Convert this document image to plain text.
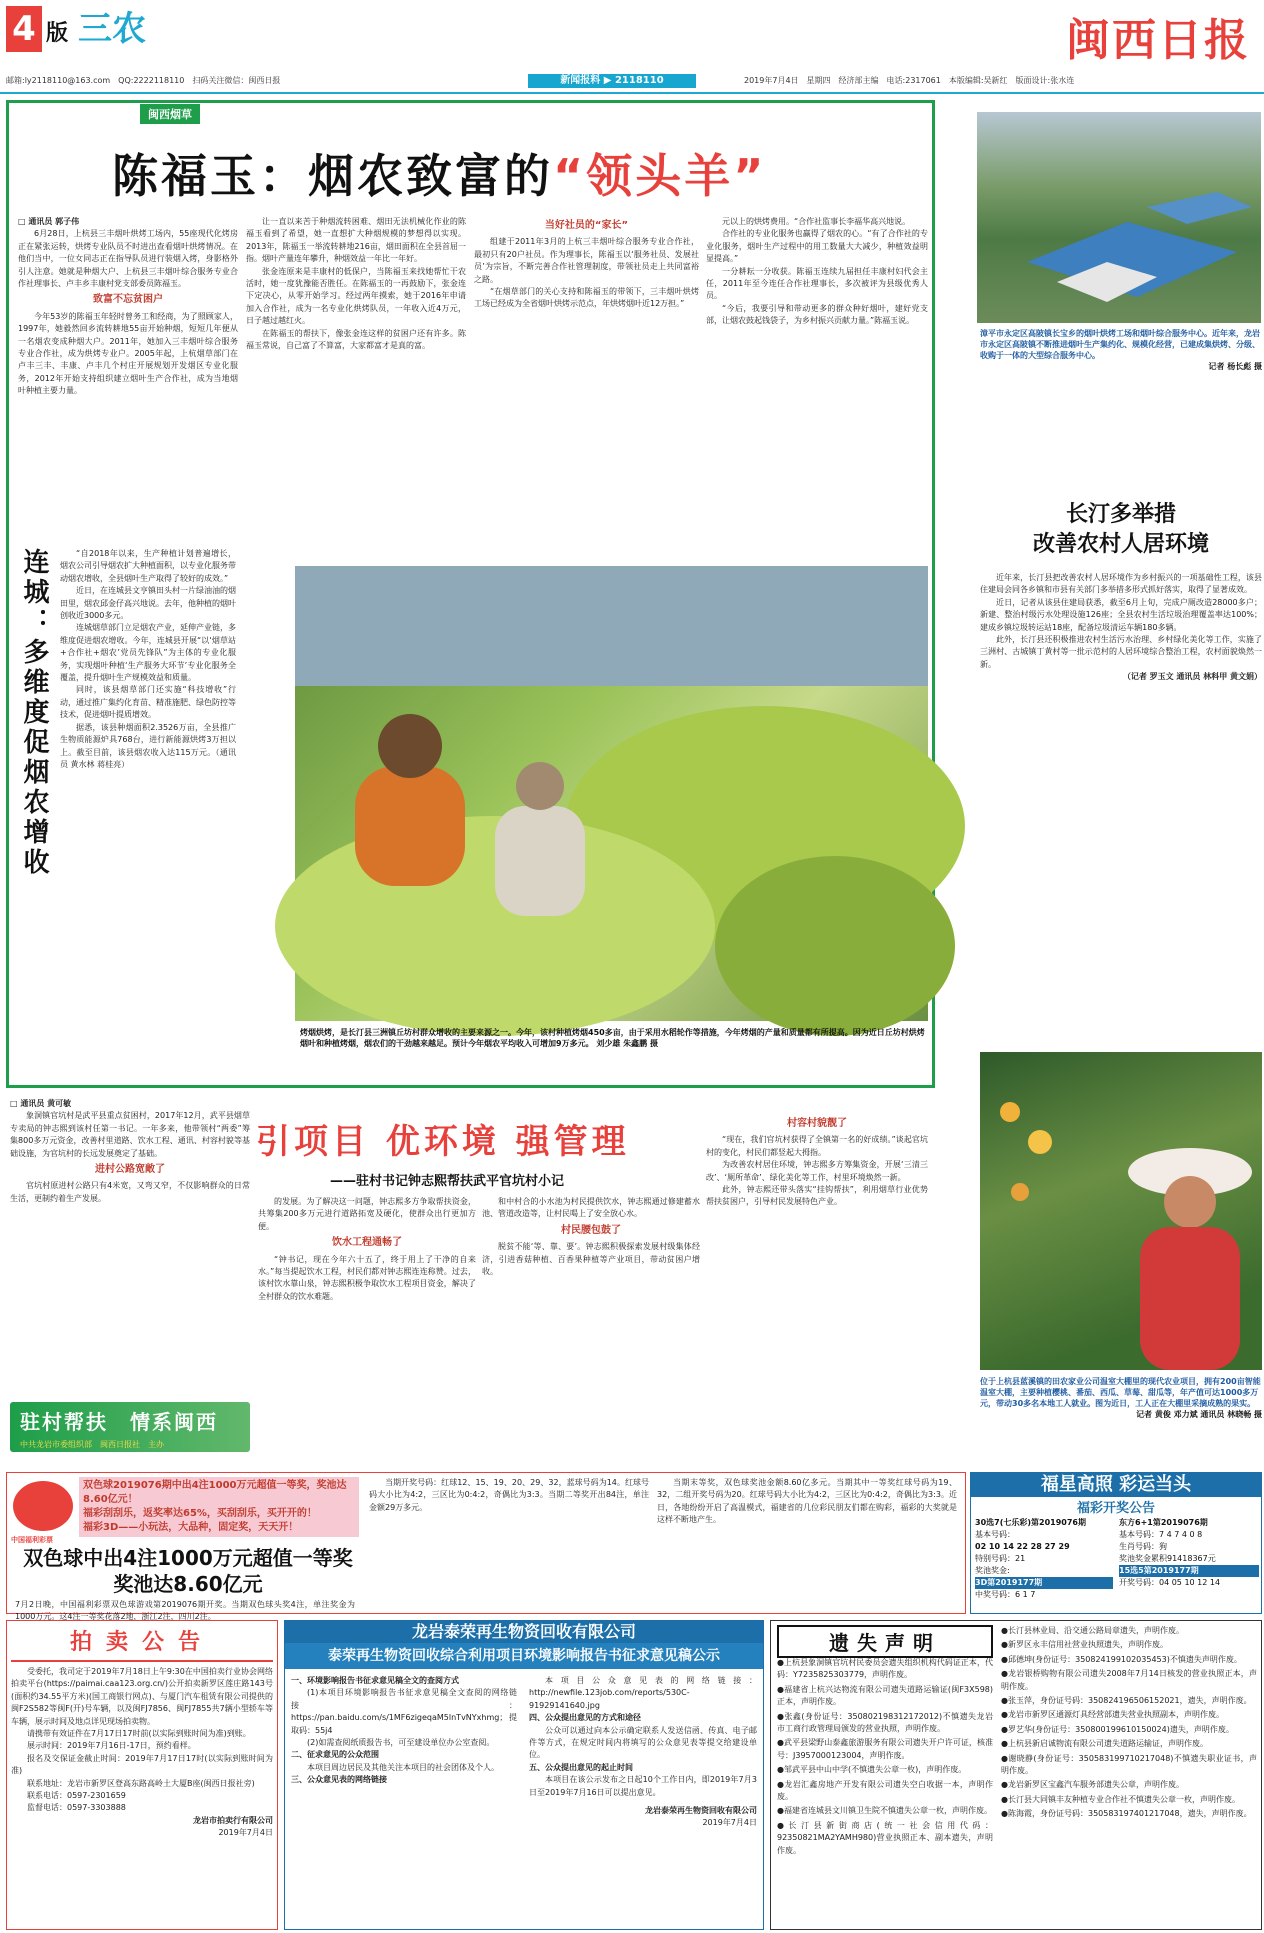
4 版 三农	闽西日报
邮箱:ly2118110@163.com　QQ:2222118110　扫码关注微信：闽西日报	2019年7月4日　星期四　经济部主编　电话:2317061　本版编辑:吴新红　版面设计:张水连
新闻报料 ▶ 2118110
闽西烟草
陈福玉：烟农致富的“领头羊”
□ 通讯员 郭子伟

6月28日，上杭县三丰烟叶烘烤工场内，55座现代化烤房正在紧张运转，烘烤专业队员不时进出查看烟叶烘烤情况。在他们当中，一位女同志正在指导队员进行装烟入烤，身影格外引人注意。她就是种烟大户、上杭县三丰烟叶综合服务专业合作社理事长、卢丰乡丰康村党支部委员陈福玉。

致富不忘贫困户

今年53岁的陈福玉年轻时曾务工和经商，为了照顾家人，1997年，她毅然回乡流转耕地55亩开始种烟，短短几年便从一名烟农变成种烟大户。2011年，她加入三丰烟叶综合服务专业合作社，成为烘烤专业户。2005年起，上杭烟草部门在卢丰三丰、丰康、卢丰几个村庄开展规划开发烟区专业化服务，2012年开始支持组织建立烟叶生产合作社，成为当地烟叶种植主要力量。

让一直以来苦于种烟流转困难、烟田无法机械化作业的陈福玉看到了希望，她一直想扩大种烟规模的梦想得以实现。2013年，陈福玉一举流转耕地216亩，烟田面积在全县首屈一指。烟叶产量连年攀升，种烟效益一年比一年好。

张金连原来是丰康村的低保户，当陈福玉来找她帮忙干农活时，她一度犹豫能否胜任。在陈福玉的一再鼓励下，张金连下定决心，从零开始学习。经过两年摸索，她于2016年申请加入合作社，成为一名专业化烘烤队员，一年收入近4万元，日子越过越红火。

在陈福玉的帮扶下，像张金连这样的贫困户还有许多。陈福玉常说，自己富了不算富，大家都富才是真的富。

当好社员的“家长”

组建于2011年3月的上杭三丰烟叶综合服务专业合作社，最初只有20户社员。作为理事长，陈福玉以‘服务社员、发展社员’为宗旨，不断完善合作社管理制度，带领社员走上共同富裕之路。

“在烟草部门的关心支持和陈福玉的带领下，三丰烟叶烘烤工场已经成为全省烟叶烘烤示范点，年烘烤烟叶近12万担。”

元以上的烘烤费用。“合作社监事长李福华高兴地说。

合作社的专业化服务也赢得了烟农的心。“有了合作社的专业化服务，烟叶生产过程中的用工数量大大减少，种植效益明显提高。”

一分耕耘一分收获。陈福玉连续九届担任丰康村妇代会主任，2011年至今连任合作社理事长，多次被评为县级优秀人员。

“今后，我要引导和带动更多的群众种好烟叶，建好党支部，让烟农鼓起钱袋子，为乡村振兴贡献力量。”陈福玉说。

连城：多维度促烟农增收	“自2018年以来，生产种植计划普遍增长，烟农公司引导烟农扩大种植面积，以专业化服务带动烟农增收，全县烟叶生产取得了较好的成效。”

近日，在连城县文亨镇田头村一片绿油油的烟田里，烟农邱金仔高兴地说。去年，他种植的烟叶创收近3000多元。

连城烟草部门立足烟农产业，延伸产业链，多维度促进烟农增收。今年，连城县开展“以‘烟草站+合作社+烟农’党员先锋队”为主体的专业化服务，实现烟叶种植‘生产服务大环节’专业化服务全覆盖，提升烟叶生产规模效益和质量。

同时，该县烟草部门还实施“科技增收”行动，通过推广集约化育苗、精准施肥、绿色防控等技术，促进烟叶提质增效。

据悉，该县种烟面积2.3526万亩，全县推广生物质能源炉具768台，进行新能源烘烤3万担以上。截至目前，该县烟农收入达115万元。（通讯员 黄水林 蒋桂亮）

烤烟烘烤，是长汀县三洲镇丘坊村群众增收的主要来源之一。今年，该村种植烤烟450多亩，由于采用水稻轮作等措施，今年烤烟的产量和质量都有所提高。因为近日丘坊村烘烤烟叶和种植烤烟，烟农们的干劲越来越足。预计今年烟农平均收入可增加9万多元。 刘少雄 朱鑫鹏 摄
漳平市永定区高陂镇长宝乡的烟叶烘烤工场和烟叶综合服务中心。近年来，龙岩市永定区高陂镇不断推进烟叶生产集约化、规模化经营，已建成集烘烤、分级、收购于一体的大型综合服务中心。
记者 杨长彪 摄
长汀多举措
改善农村人居环境

近年来，长汀县把改善农村人居环境作为乡村振兴的一项基础性工程，该县住建局会同各乡镇和市县有关部门多举措多形式抓好落实，取得了显著成效。

近日，记者从该县住建局获悉，截至6月上旬，完成户厕改造28000多户；新建、整治村级污水处理设施126座；全县农村生活垃圾治理覆盖率达100%；建成乡镇垃圾转运站18座，配备垃圾清运车辆180多辆。

此外，长汀县还积极推进农村生活污水治理、乡村绿化美化等工作，实施了三洲村、古城镇丁黄村等一批示范村的人居环境综合整治工程，农村面貌焕然一新。

（记者 罗玉文 通讯员 林科甲 黄文娟）
□ 通讯员 黄可敏

象洞镇官坑村是武平县重点贫困村，2017年12月，武平县烟草专卖局的钟志熙到该村任第一书记。一年多来，他带领村“两委”筹集800多万元资金，改善村里道路、饮水工程、通讯、村容村貌等基础设施，为官坑村的长远发展奠定了基础。

进村公路宽敞了

官坑村原进村公路只有4米宽，又弯又窄，不仅影响群众的日常生活，更制约着生产发展。

引项目 优环境 强管理
——驻村书记钟志熙帮扶武平官坑村小记

的发展。为了解决这一问题，钟志熙多方争取帮扶资金，共筹集200多万元进行道路拓宽及硬化，使群众出行更加方便。

饮水工程通畅了

“钟书记，现在今年六十五了，终于用上了干净的自来水。”每当提起饮水工程，村民们都对钟志熙连连称赞。过去，该村饮水靠山泉，钟志熙积极争取饮水工程项目资金，解决了全村群众的饮水难题。

和中村合的小水池为村民提供饮水，钟志熙通过修建蓄水池、管道改造等，让村民喝上了安全放心水。

村民腰包鼓了

脱贫不能‘等、靠、要’。钟志熙积极探索发展村级集体经济，引进香菇种植、百香果种植等产业项目，带动贫困户增收。

村容村貌靓了

“现在，我们官坑村获得了全镇第一名的好成绩。”谈起官坑村的变化，村民们都竖起大拇指。

为改善农村居住环境，钟志熙多方筹集资金，开展‘三清三改’、‘厕所革命’、绿化美化等工作，村里环境焕然一新。

此外，钟志熙还带头落实“挂钩帮扶”，利用烟草行业优势帮扶贫困户，引导村民发展特色产业。

驻村帮扶　情系闽西
中共龙岩市委组织部　闽西日报社　主办
位于上杭县蓝溪镇的田农家业公司温室大棚里的现代农业项目，拥有200亩智能温室大棚，主要种植樱桃、番茄、西瓜、草莓、甜瓜等，年产值可达1000多万元，带动30多名本地工人就业。图为近日，工人正在大棚里采摘成熟的果实。
记者 黄俊 邓力斌 通讯员 林晓畅 摄
中国福利彩票
双色球2019076期中出4注1000万元超值一等奖，奖池达8.60亿元！
福彩刮刮乐，返奖率达65%，买刮刮乐，买开开的！
福彩3D——小玩法，大品种，固定奖，天天开！
双色球中出4注1000万元超值一等奖 奖池达8.60亿元
7月2日晚，中国福利彩票双色球游戏第2019076期开奖。当期双色球头奖4注，单注奖金为1000万元。这4注一等奖花落2地，浙江2注，四川2注。

当期开奖号码：红球12、15、19、20、29、32，蓝球号码为14。红球号码大小比为4:2，三区比为0:4:2，奇偶比为3:3。当期二等奖开出84注，单注金额29万多元。

当期末等奖，双色球奖池金额8.60亿多元。当期其中一等奖红球号码为19、32，二组开奖号码为20。红球号码大小比为4:2，三区比为0:4:2，奇偶比为3:3。近日，各地纷纷开启了高温模式，福建省的几位彩民朋友们都在购彩，福彩的大奖就是这样不断地产生。

福星高照 彩运当头
福彩开奖公告
30选7(七乐彩)第2019076期
基本号码：
02 10 14 22 28 27 29
特别号码：21
奖池奖金:
3D第2019177期
中奖号码：6 1 7
东方6+1第2019076期
基本号码：7 4 7 4 0 8
生肖号码：狗
奖池奖金累积91418367元
15选5第2019177期
开奖号码：04 05 10 12 14
拍卖公告

受委托，我司定于2019年7月18日上午9:30在中国拍卖行业协会网络拍卖平台(https://paimai.caa123.org.cn/)公开拍卖新罗区莲庄路143号(面积约34.55平方米)(国工商银行网点)、与厦门汽车租赁有限公司提供的闽F2S582等闽F(开)号车辆，以及闽FJ7856、闽FJ7855共7辆小型轿车等车辆，展示时间及地点详见现场拍卖物。

请携带有效证件在7月17日17时前(以实际到账时间为准)到账。

展示时间：2019年7月16日-17日，预约看样。

报名及交保证金截止时间：2019年7月17日17时(以实际到账时间为准)

联系地址：龙岩市新罗区登高东路高岭土大厦B座(闽西日报社旁)

联系电话：0597-2301659

监督电话：0597-3303888

龙岩市拍卖行有限公司
2019年7月4日
龙岩泰荣再生物资回收有限公司
泰荣再生物资回收综合利用项目环境影响报告书征求意见稿公示
一、环境影响报告书征求意见稿全文的查阅方式

(1)本项目环境影响报告书征求意见稿全文查阅的网络链接：https://pan.baidu.com/s/1MF6zigeqaM5lnTvNYxhmg；提取码：55j4

(2)如需查阅纸质报告书，可至建设单位办公室查阅。

二、征求意见的公众范围

本项目周边居民及其他关注本项目的社会团体及个人。

三、公众意见表的网络链接

本项目公众意见表的网络链接：http://newfile.123job.com/reports/530C-91929141640.jpg

四、公众提出意见的方式和途径

公众可以通过向本公示确定联系人发送信函、传真、电子邮件等方式，在规定时间内将填写的公众意见表等提交给建设单位。

五、公众提出意见的起止时间

本项目在该公示发布之日起10个工作日内，即2019年7月3日至2019年7月16日可以提出意见。

龙岩泰荣再生物资回收有限公司
2019年7月4日
遗失声明
●上杭县象洞镇官坑村民委员会遗失组织机构代码证正本，代码：Y7235825303779，声明作废。
●福建省上杭兴达物流有限公司遗失道路运输证(闽F3X598)正本，声明作废。
●张鑫(身份证号：350802198312172012)不慎遗失龙岩市工商行政管理局颁发的营业执照，声明作废。
●武平县梁野山泰鑫旅游服务有限公司遗失开户许可证，核准号：J3957000123004，声明作废。
●邹武平县中山中学(不慎遗失公章一枚)，声明作废。
●龙岩汇鑫房地产开发有限公司遗失空白收据一本，声明作废。
●福建省连城县文川镇卫生院不慎遗失公章一枚，声明作废。
●长汀县新街商店(统一社会信用代码：92350821MA2YAMH980)营业执照正本、副本遗失，声明作废。
●长汀县林业局、沿交通公路局章遗失，声明作废。
●新罗区永丰信用社营业执照遗失，声明作废。
●邱德坤(身份证号：350824199102035453)不慎遗失声明作废。
●龙岩银桥购物有限公司遗失2008年7月14日核发的营业执照正本，声明作废。
●张玉萍，身份证号码：350824196506152021，遗失，声明作废。
●龙岩市新罗区通源灯具经营部遗失营业执照副本，声明作废。
●罗艺华(身份证号：350800199610150024)遗失，声明作废。
●上杭县新启诚物流有限公司遗失道路运输证，声明作废。
●谢晓静(身份证号：350583199710217048)不慎遗失职业证书，声明作废。
●龙岩新罗区宝鑫汽车服务部遗失公章，声明作废。
●长汀县大同镇丰友种植专业合作社不慎遗失公章一枚，声明作废。
●陈海霞，身份证号码：350583197401217048，遗失，声明作废。
